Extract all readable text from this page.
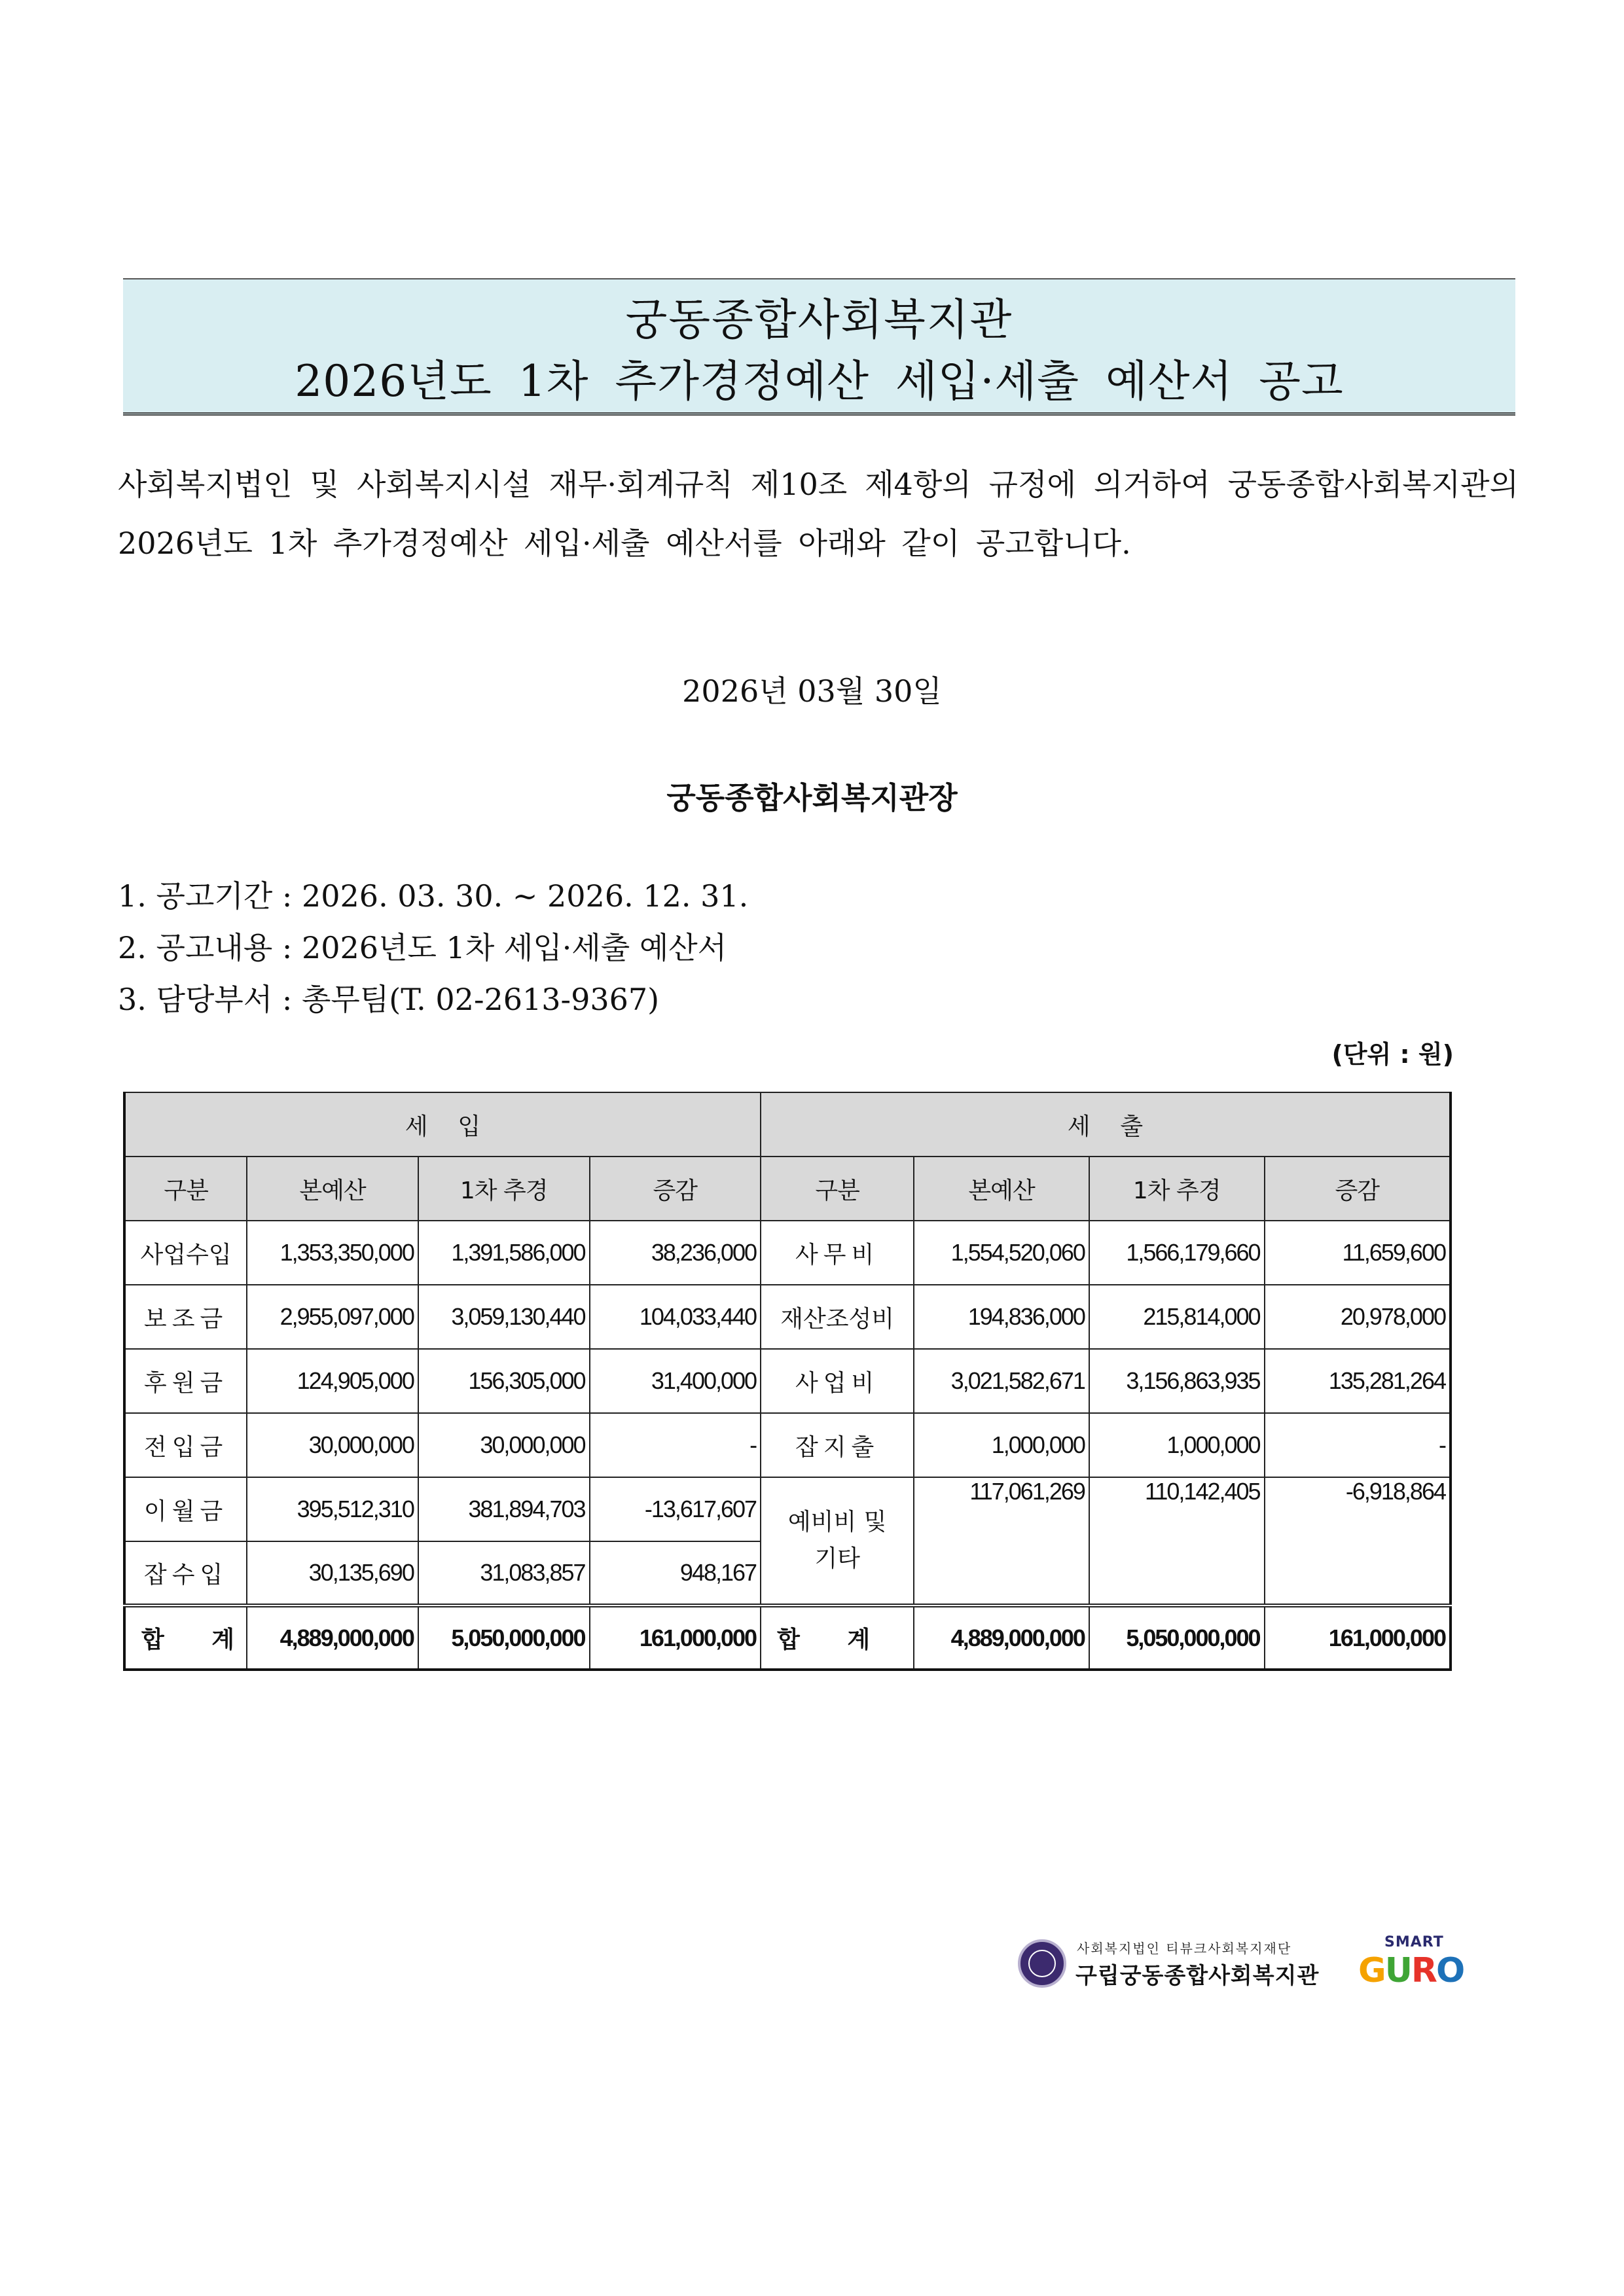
궁동종합사회복지관
2026년도 1차 추가경정예산 세입·세출 예산서 공고
사회복지법인 및 사회복지시설 재무·회계규칙 제10조 제4항의 규정에 의거하여 궁동종합사회복지관의 2026년도 1차 추가경정예산 세입·세출 예산서를 아래와 같이 공고합니다.
2026년 03월 30일
궁동종합사회복지관장
1. 공고기간 : 2026. 03. 30. ~ 2026. 12. 31.
2. 공고내용 : 2026년도 1차 세입·세출 예산서
3. 담당부서 : 총무팀(T. 02-2613-9367)
(단위 : 원)
세    입				세    출			
구분	본예산	1차 추경	증감	구분	본예산	1차 추경	증감
사업수입	1,353,350,000	1,391,586,000	38,236,000	사무비	1,554,520,060	1,566,179,660	11,659,600
보조금	2,955,097,000	3,059,130,440	104,033,440	재산조성비	194,836,000	215,814,000	20,978,000
후원금	124,905,000	156,305,000	31,400,000	사업비	3,021,582,671	3,156,863,935	135,281,264
전입금	30,000,000	30,000,000	-	잡지출	1,000,000	1,000,000	-
이월금	395,512,310	381,894,703	-13,617,607	예비비 및 기타	117,061,269	110,142,405	-6,918,864
잡수입	30,135,690	31,083,857	948,167				
합 계	4,889,000,000	5,050,000,000	161,000,000	합 계	4,889,000,000	5,050,000,000	161,000,000
사회복지법인 티뷰크사회복지재단
구립궁동종합사회복지관
SMART
GURO
